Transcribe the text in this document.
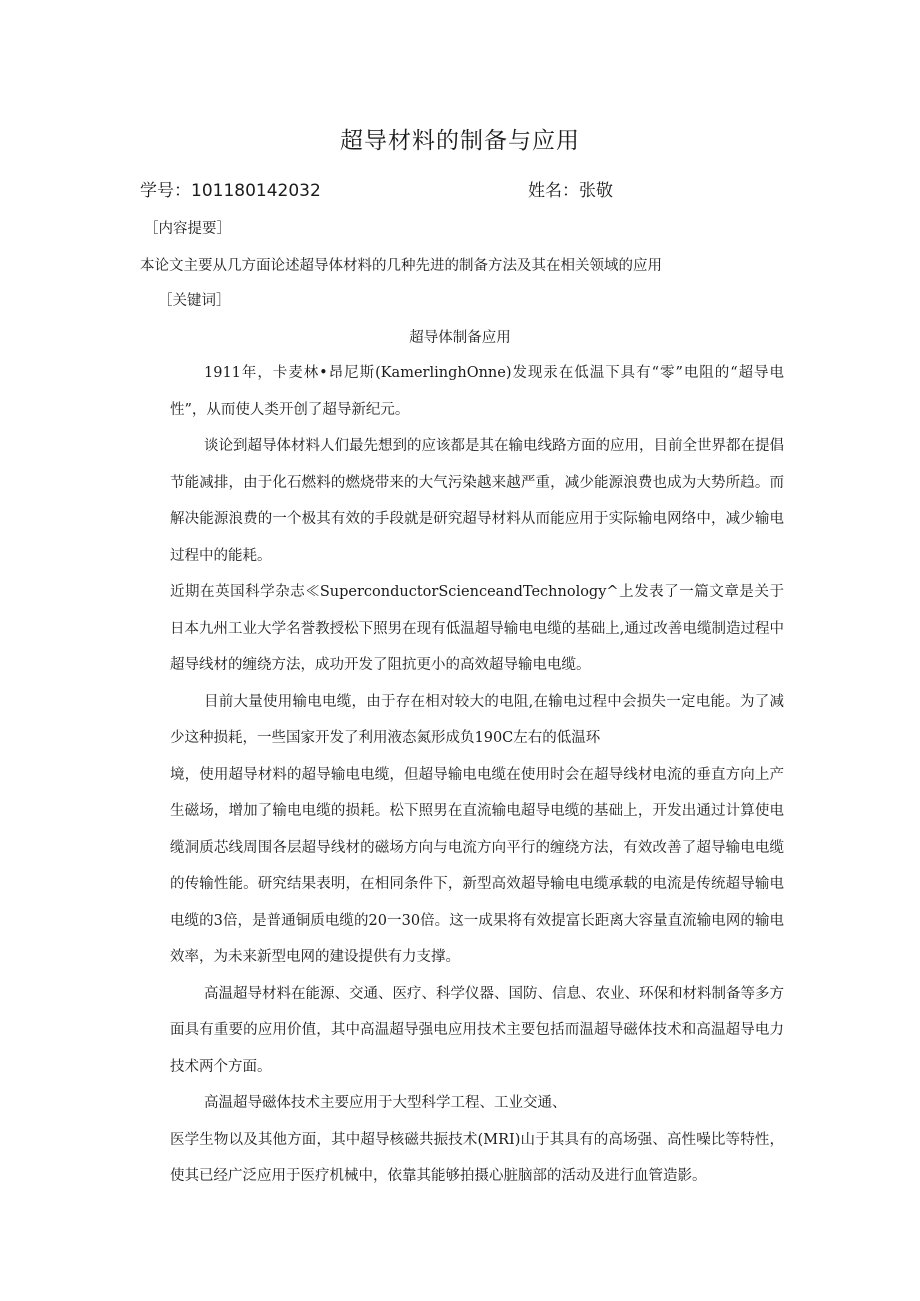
超导材料的制备与应用
学号：101180142032	姓名：张敬
［内容提要］
本论文主要从几方面论述超导体材料的几种先进的制备方法及其在相关领域的应用
［关键词］
超导体制备应用

1911年，卡麦林•昂尼斯(KamerlinghOnne)发现汞在低温下具有“零”电阻的“超导电性”，从而使人类开创了超导新纪元。

谈论到超导体材料人们最先想到的应该都是其在输电线路方面的应用，目前全世界都在提倡节能减排，由于化石燃料的燃烧带来的大气污染越来越严重，减少能源浪费也成为大势所趋。而解决能源浪费的一个极其有效的手段就是研究超导材料从而能应用于实际输电网络中，减少输电过程中的能耗。

近期在英国科学杂志≪SuperconductorScienceandTechnology^上发表了一篇文章是关于日本九州工业大学名誉教授松下照男在现有低温超导输电电缆的基础上,通过改善电缆制造过程中超导线材的缠绕方法，成功开发了阻抗更小的高效超导输电电缆。

目前大量使用输电电缆，由于存在相对较大的电阻,在输电过程中会损失一定电能。为了减少这种损耗，一些国家开发了利用液态氮形成负190C左右的低温环

境，使用超导材料的超导输电电缆，但超导输电电缆在使用时会在超导线材电流的垂直方向上产生磁场，增加了输电电缆的损耗。松下照男在直流输电超导电缆的基础上，开发出通过计算使电缆洞质芯线周围各层超导线材的磁场方向与电流方向平行的缠绕方法，有效改善了超导输电电缆的传输性能。研究结果表明，在相同条件下，新型高效超导输电电缆承载的电流是传统超导输电电缆的3倍，是普通铜质电缆的20一30倍。这一成果将有效提富长距离大容量直流输电网的输电效率，为未来新型电网的建设提供有力支撑。

高温超导材料在能源、交通、医疗、科学仪器、国防、信息、农业、环保和材料制备等多方面具有重要的应用价值，其中高温超导强电应用技术主要包括而温超导磁体技术和高温超导电力技术两个方面。

高温超导磁体技术主要应用于大型科学工程、工业交通、

医学生物以及其他方面，其中超导核磁共振技术(MRI)山于其具有的高场强、高性噪比等特性，使其已经广泛应用于医疗机械中，依靠其能够拍摄心脏脑部的活动及进行血管造影。
